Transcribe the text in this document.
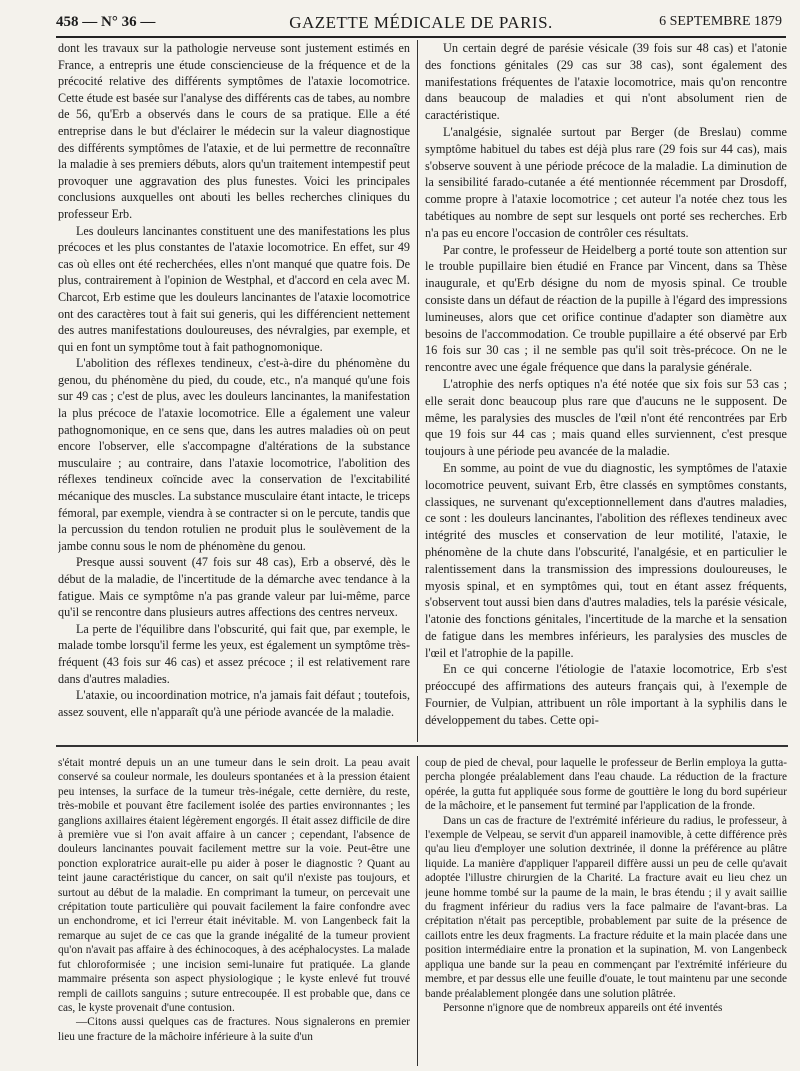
458 — N° 36 —	GAZETTE MÉDICALE DE PARIS.	6 SEPTEMBRE 1879

dont les travaux sur la pathologie nerveuse sont justement estimés en France, a entrepris une étude consciencieuse de la fréquence et de la précocité relative des différents symptômes de l'ataxie locomotrice. Cette étude est basée sur l'analyse des différents cas de tabes, au nombre de 56, qu'Erb a observés dans le cours de sa pratique. Elle a été entreprise dans le but d'éclairer le médecin sur la valeur diagnostique des différents symptômes de l'ataxie, et de lui permettre de reconnaître la maladie à ses premiers débuts, alors qu'un traitement intempestif peut provoquer une aggravation des plus funestes. Voici les principales conclusions auxquelles ont abouti les belles recherches cliniques du professeur Erb.

Les douleurs lancinantes constituent une des manifestations les plus précoces et les plus constantes de l'ataxie locomotrice. En effet, sur 49 cas où elles ont été recherchées, elles n'ont manqué que quatre fois. De plus, contrairement à l'opinion de Westphal, et d'accord en cela avec M. Charcot, Erb estime que les douleurs lancinantes de l'ataxie locomotrice ont des caractères tout à fait sui generis, qui les différencient nettement des autres manifestations douloureuses, des névralgies, par exemple, et qui en font un symptôme tout à fait pathognomonique.

L'abolition des réflexes tendineux, c'est-à-dire du phénomène du genou, du phénomène du pied, du coude, etc., n'a manqué qu'une fois sur 49 cas ; c'est de plus, avec les douleurs lancinantes, la manifestation la plus précoce de l'ataxie locomotrice. Elle a également une valeur pathognomonique, en ce sens que, dans les autres maladies où on peut encore l'observer, elle s'accompagne d'altérations de la substance musculaire ; au contraire, dans l'ataxie locomotrice, l'abolition des réflexes tendineux coïncide avec la conservation de l'excitabilité mécanique des muscles. La substance musculaire étant intacte, le triceps fémoral, par exemple, viendra à se contracter si on le percute, tandis que la percussion du tendon rotulien ne produit plus le soulèvement de la jambe connu sous le nom de phénomène du genou.

Presque aussi souvent (47 fois sur 48 cas), Erb a observé, dès le début de la maladie, de l'incertitude de la démarche avec tendance à la fatigue. Mais ce symptôme n'a pas grande valeur par lui-même, parce qu'il se rencontre dans plusieurs autres affections des centres nerveux.

La perte de l'équilibre dans l'obscurité, qui fait que, par exemple, le malade tombe lorsqu'il ferme les yeux, est également un symptôme très-fréquent (43 fois sur 46 cas) et assez précoce ; il est relativement rare dans d'autres maladies.

L'ataxie, ou incoordination motrice, n'a jamais fait défaut ; toutefois, assez souvent, elle n'apparaît qu'à une période avancée de la maladie.

Un certain degré de parésie vésicale (39 fois sur 48 cas) et l'atonie des fonctions génitales (29 cas sur 38 cas), sont également des manifestations fréquentes de l'ataxie locomotrice, mais qu'on rencontre dans beaucoup de maladies et qui n'ont absolument rien de caractéristique.

L'analgésie, signalée surtout par Berger (de Breslau) comme symptôme habituel du tabes est déjà plus rare (29 fois sur 44 cas), mais s'observe souvent à une période précoce de la maladie. La diminution de la sensibilité farado-cutanée a été mentionnée récemment par Drosdoff, comme propre à l'ataxie locomotrice ; cet auteur l'a notée chez tous les tabétiques au nombre de sept sur lesquels ont porté ses recherches. Erb n'a pas eu encore l'occasion de contrôler ces résultats.

Par contre, le professeur de Heidelberg a porté toute son attention sur le trouble pupillaire bien étudié en France par Vincent, dans sa Thèse inaugurale, et qu'Erb désigne du nom de myosis spinal. Ce trouble consiste dans un défaut de réaction de la pupille à l'égard des impressions lumineuses, alors que cet orifice continue d'adapter son diamètre aux besoins de l'accommodation. Ce trouble pupillaire a été observé par Erb 16 fois sur 30 cas ; il ne semble pas qu'il soit très-précoce. On ne le rencontre avec une égale fréquence que dans la paralysie générale.

L'atrophie des nerfs optiques n'a été notée que six fois sur 53 cas ; elle serait donc beaucoup plus rare que d'aucuns ne le supposent. De même, les paralysies des muscles de l'œil n'ont été rencontrées par Erb que 19 fois sur 44 cas ; mais quand elles surviennent, c'est presque toujours à une période peu avancée de la maladie.

En somme, au point de vue du diagnostic, les symptômes de l'ataxie locomotrice peuvent, suivant Erb, être classés en symptômes constants, classiques, ne survenant qu'exceptionnellement dans d'autres maladies, ce sont : les douleurs lancinantes, l'abolition des réflexes tendineux avec intégrité des muscles et conservation de leur motilité, l'ataxie, le phénomène de la chute dans l'obscurité, l'analgésie, et en particulier le ralentissement dans la transmission des impressions douloureuses, le myosis spinal, et en symptômes qui, tout en étant assez fréquents, s'observent tout aussi bien dans d'autres maladies, tels la parésie vésicale, l'atonie des fonctions génitales, l'incertitude de la marche et la sensation de fatigue dans les membres inférieurs, les paralysies des muscles de l'œil et l'atrophie de la papille.

En ce qui concerne l'étiologie de l'ataxie locomotrice, Erb s'est préoccupé des affirmations des auteurs français qui, à l'exemple de Fournier, de Vulpian, attribuent un rôle important à la syphilis dans le développement du tabes. Cette opi-

s'était montré depuis un an une tumeur dans le sein droit. La peau avait conservé sa couleur normale, les douleurs spontanées et à la pression étaient peu intenses, la surface de la tumeur très-inégale, cette dernière, du reste, très-mobile et pouvant être facilement isolée des parties environnantes ; les ganglions axillaires étaient légèrement engorgés. Il était assez difficile de dire à première vue si l'on avait affaire à un cancer ; cependant, l'absence de douleurs lancinantes pouvait facilement mettre sur la voie. Peut-être une ponction exploratrice aurait-elle pu aider à poser le diagnostic ? Quant au teint jaune caractéristique du cancer, on sait qu'il n'existe pas toujours, et surtout au début de la maladie. En comprimant la tumeur, on percevait une crépitation toute particulière qui pouvait facilement la faire confondre avec un enchondrome, et ici l'erreur était inévitable. M. von Langenbeck fait la remarque au sujet de ce cas que la grande inégalité de la tumeur provient qu'on n'avait pas affaire à des échinocoques, à des acéphalocystes. La malade fut chloroformisée ; une incision semi-lunaire fut pratiquée. La glande mammaire présenta son aspect physiologique ; le kyste enlevé fut trouvé rempli de caillots sanguins ; suture entrecoupée. Il est probable que, dans ce cas, le kyste provenait d'une contusion.

—Citons aussi quelques cas de fractures. Nous signalerons en premier lieu une fracture de la mâchoire inférieure à la suite d'un

coup de pied de cheval, pour laquelle le professeur de Berlin employa la gutta-percha plongée préalablement dans l'eau chaude. La réduction de la fracture opérée, la gutta fut appliquée sous forme de gouttière le long du bord supérieur de la mâchoire, et le pansement fut terminé par l'application de la fronde.

Dans un cas de fracture de l'extrémité inférieure du radius, le professeur, à l'exemple de Velpeau, se servit d'un appareil inamovible, à cette différence près qu'au lieu d'employer une solution dextrinée, il donne la préférence au plâtre liquide. La manière d'appliquer l'appareil diffère aussi un peu de celle qu'avait adoptée l'illustre chirurgien de la Charité. La fracture avait eu lieu chez un jeune homme tombé sur la paume de la main, le bras étendu ; il y avait saillie du fragment inférieur du radius vers la face palmaire de l'avant-bras. La crépitation n'était pas perceptible, probablement par suite de la présence de caillots entre les deux fragments. La fracture réduite et la main placée dans une position intermédiaire entre la pronation et la supination, M. von Langenbeck appliqua une bande sur la peau en commençant par l'extrémité inférieure du membre, et par dessus elle une feuille d'ouate, le tout maintenu par une seconde bande préalablement plongée dans une solution plâtrée.

Personne n'ignore que de nombreux appareils ont été inventés
